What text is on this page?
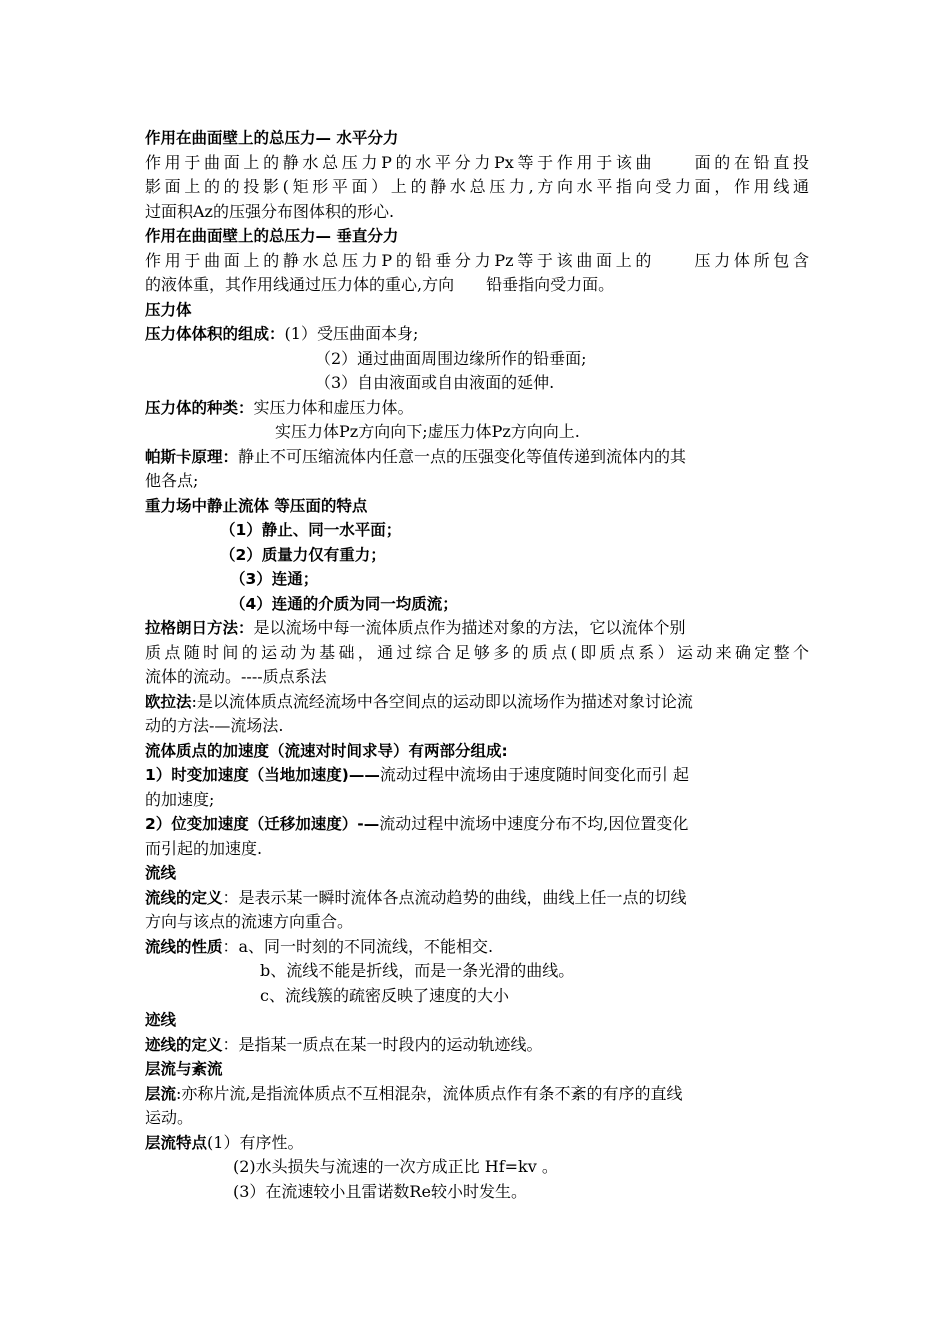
作用在曲面壁上的总压力— 水平分力
作用于曲面上的静水总压力P的水平分力Px等于作用于该曲　　面的在铅直投
影面上的的投影(矩形平面）上的静水总压力,方向水平指向受力面，作用线通
过面积Az的压强分布图体积的形心.
作用在曲面壁上的总压力— 垂直分力
作用于曲面上的静水总压力P的铅垂分力Pz等于该曲面上的　　压力体所包含
的液体重，其作用线通过压力体的重心,方向　　铅垂指向受力面。
压力体
压力体体积的组成：(1）受压曲面本身;
（2）通过曲面周围边缘所作的铅垂面;
（3）自由液面或自由液面的延伸.
压力体的种类：实压力体和虚压力体。
实压力体Pz方向向下;虚压力体Pz方向向上.
帕斯卡原理：静止不可压缩流体内任意一点的压强变化等值传递到流体内的其
他各点;
重力场中静止流体 等压面的特点
（1）静止、同一水平面；
（2）质量力仅有重力；
（3）连通；
（4）连通的介质为同一均质流；
拉格朗日方法：是以流场中每一流体质点作为描述对象的方法，它以流体个别
质点随时间的运动为基础，通过综合足够多的质点(即质点系）运动来确定整个
流体的流动。----质点系法
欧拉法:是以流体质点流经流场中各空间点的运动即以流场作为描述对象讨论流
动的方法-—流场法.
流体质点的加速度（流速对时间求导）有两部分组成:
1）时变加速度（当地加速度)——流动过程中流场由于速度随时间变化而引 起
的加速度;
2）位变加速度（迁移加速度）-—流动过程中流场中速度分布不均,因位置变化
而引起的加速度.
流线
流线的定义：是表示某一瞬时流体各点流动趋势的曲线，曲线上任一点的切线
方向与该点的流速方向重合。
流线的性质：a、同一时刻的不同流线，不能相交.
b、流线不能是折线，而是一条光滑的曲线。
c、流线簇的疏密反映了速度的大小
迹线
迹线的定义：是指某一质点在某一时段内的运动轨迹线。
层流与紊流
层流:亦称片流,是指流体质点不互相混杂，流体质点作有条不紊的有序的直线
运动。
层流特点(1）有序性。
(2)水头损失与流速的一次方成正比 Hf=kv 。
(3）在流速较小且雷诺数Re较小时发生。
